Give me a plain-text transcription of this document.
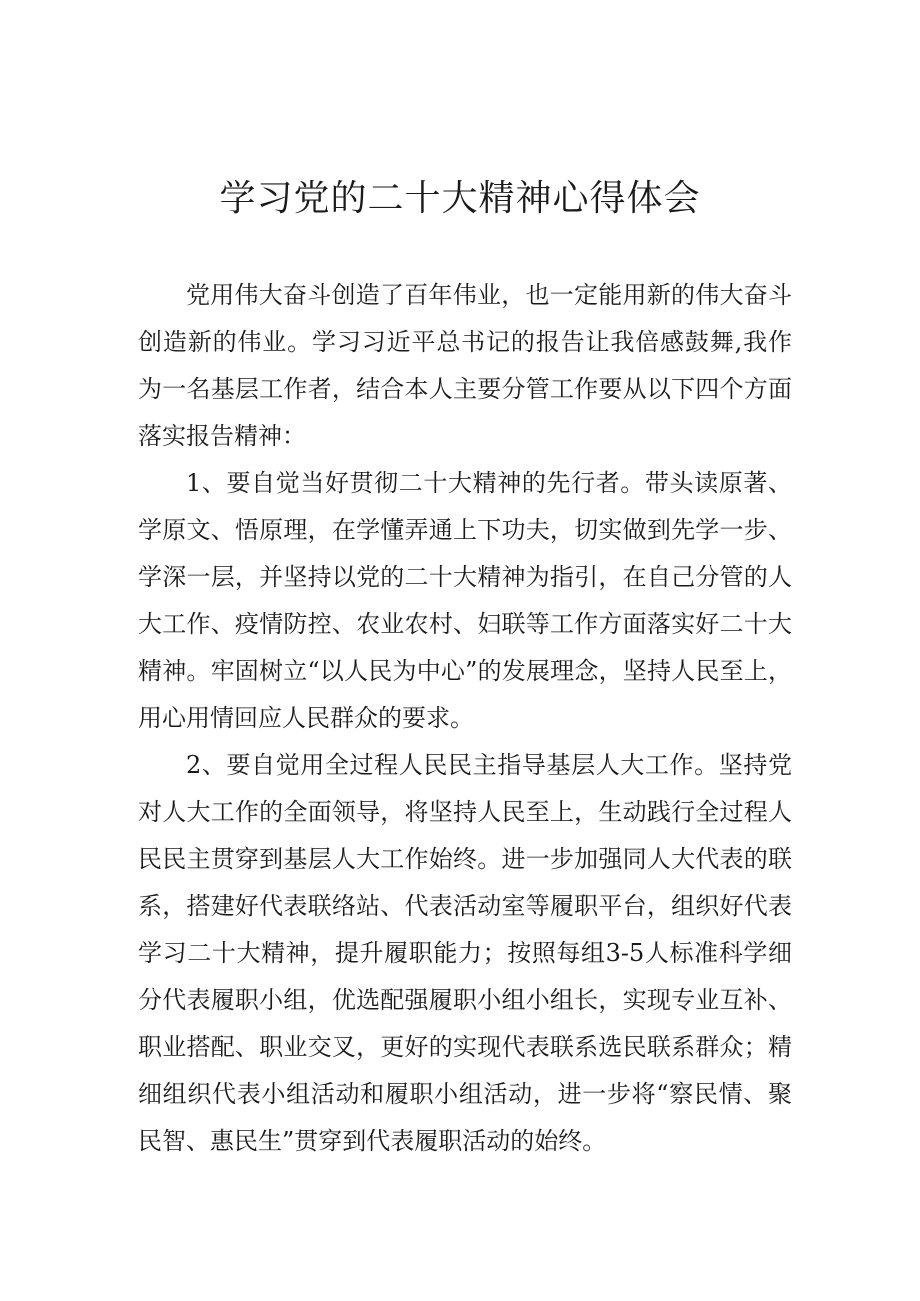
学习党的二十大精神心得体会

党用伟大奋斗创造了百年伟业，也一定能用新的伟大奋斗创造新的伟业。学习习近平总书记的报告让我倍感鼓舞,我作为一名基层工作者，结合本人主要分管工作要从以下四个方面落实报告精神：

1、要自觉当好贯彻二十大精神的先行者。带头读原著、学原文、悟原理，在学懂弄通上下功夫，切实做到先学一步、学深一层，并坚持以党的二十大精神为指引，在自己分管的人大工作、疫情防控、农业农村、妇联等工作方面落实好二十大精神。牢固树立“以人民为中心”的发展理念，坚持人民至上，用心用情回应人民群众的要求。

2、要自觉用全过程人民民主指导基层人大工作。坚持党对人大工作的全面领导，将坚持人民至上，生动践行全过程人民民主贯穿到基层人大工作始终。进一步加强同人大代表的联系，搭建好代表联络站、代表活动室等履职平台，组织好代表学习二十大精神，提升履职能力；按照每组3-5人标准科学细分代表履职小组，优选配强履职小组小组长，实现专业互补、职业搭配、职业交叉，更好的实现代表联系选民联系群众；精细组织代表小组活动和履职小组活动，进一步将“察民情、聚民智、惠民生”贯穿到代表履职活动的始终。
